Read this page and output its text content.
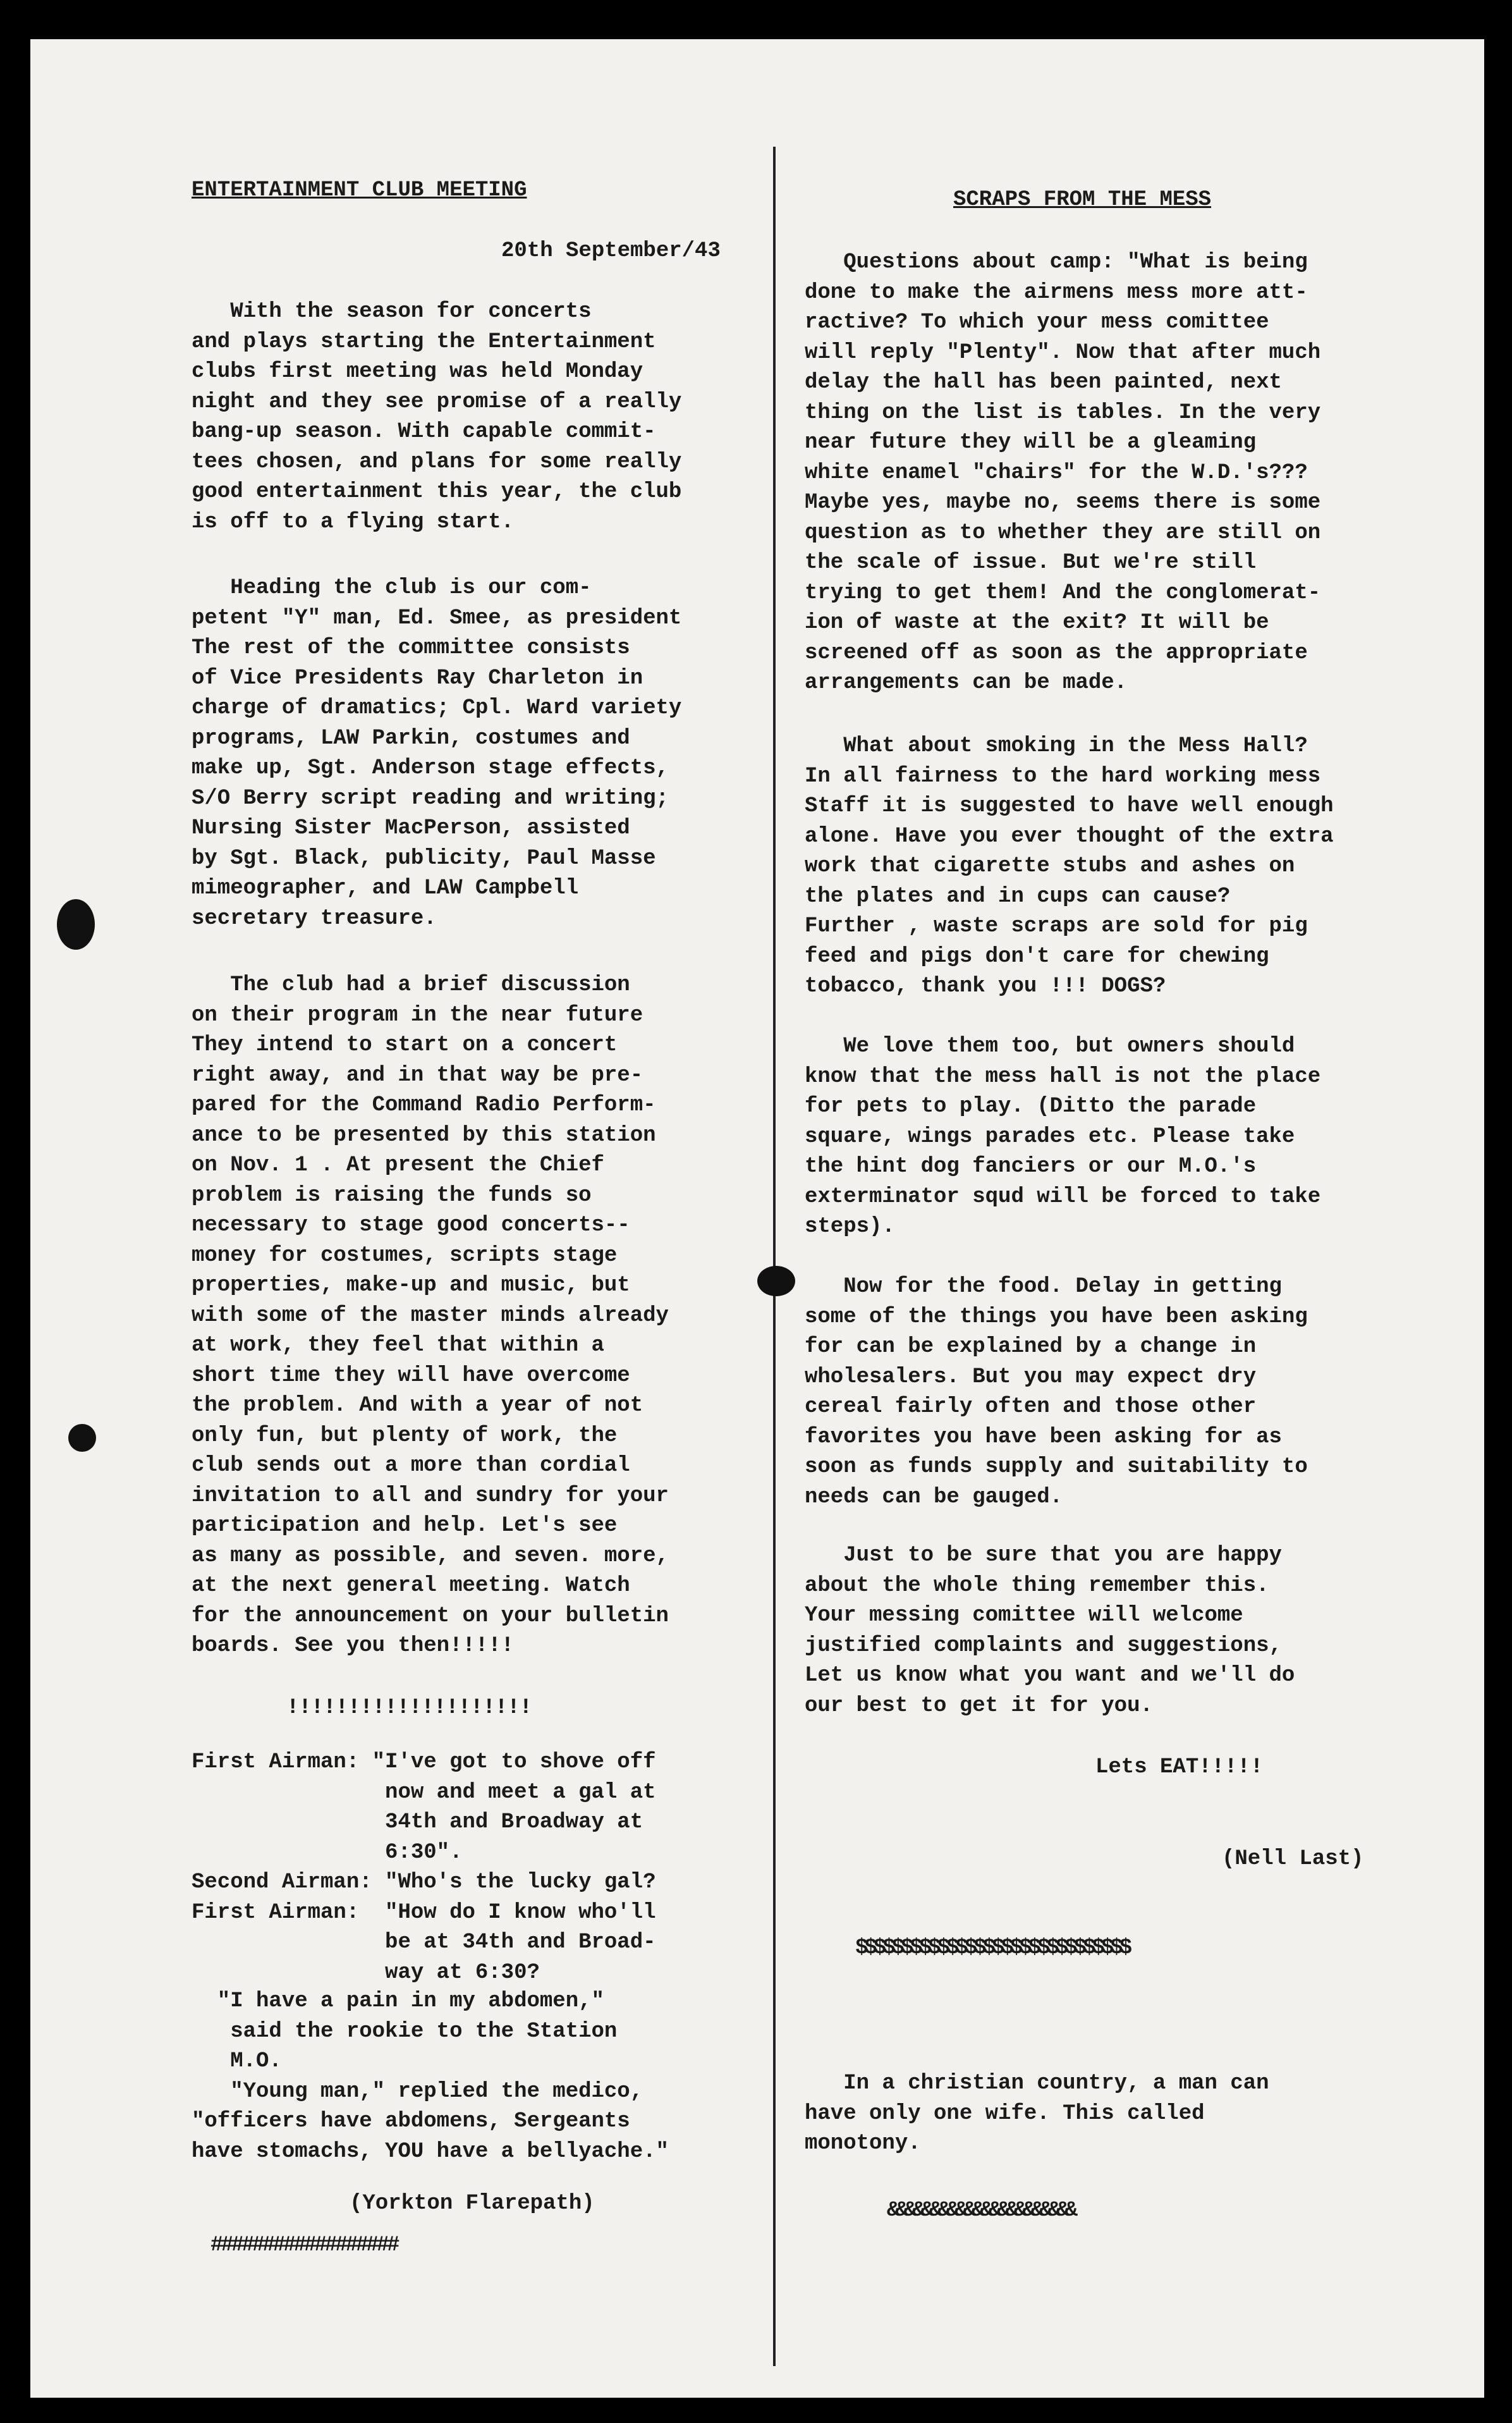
ENTERTAINMENT CLUB MEETING
20th September/43

With the season for concerts
and plays starting the Entertainment
clubs first meeting was held Monday
night and they see promise of a really
bang-up season. With capable commit-
tees chosen, and plans for some really
good entertainment this year, the club
is off to a flying start.

Heading the club is our com-
petent "Y" man, Ed. Smee, as president
The rest of the committee consists
of Vice Presidents Ray Charleton in
charge of dramatics; Cpl. Ward variety
programs, LAW Parkin, costumes and
make up, Sgt. Anderson stage effects,
S/O Berry script reading and writing;
Nursing Sister MacPerson, assisted
by Sgt. Black, publicity, Paul Masse
mimeographer, and LAW Campbell
secretary treasure.

The club had a brief discussion
on their program in the near future
They intend to start on a concert
right away, and in that way be pre-
pared for the Command Radio Perform-
ance to be presented by this station
on Nov. 1 . At present the Chief
problem is raising the funds so
necessary to stage good concerts--
money for costumes, scripts stage
properties, make-up and music, but
with some of the master minds already
at work, they feel that within a
short time they will have overcome
the problem. And with a year of not
only fun, but plenty of work, the
club sends out a more than cordial
invitation to all and sundry for your
participation and help. Let's see
as many as possible, and seven. more,
at the next general meeting. Watch
for the announcement on your bulletin
boards. See you then!!!!!

!!!!!!!!!!!!!!!!!!!!

First Airman: "I've got to shove off
now and meet a gal at
34th and Broadway at
6:30".
Second Airman: "Who's the lucky gal?
First Airman:  "How do I know who'll
be at 34th and Broad-
way at 6:30?

"I have a pain in my abdomen,"
said the rookie to the Station
M.O.
"Young man," replied the medico,
"officers have abdomens, Sergeants
have stomachs, YOU have a bellyache."

(Yorkton Flarepath)
##################
SCRAPS FROM THE MESS

Questions about camp: "What is being
done to make the airmens mess more att-
ractive? To which your mess comittee
will reply "Plenty". Now that after much
delay the hall has been painted, next
thing on the list is tables. In the very
near future they will be a gleaming
white enamel "chairs" for the W.D.'s???
Maybe yes, maybe no, seems there is some
question as to whether they are still on
the scale of issue. But we're still
trying to get them! And the conglomerat-
ion of waste at the exit? It will be
screened off as soon as the appropriate
arrangements can be made.

What about smoking in the Mess Hall?
In all fairness to the hard working mess
Staff it is suggested to have well enough
alone. Have you ever thought of the extra
work that cigarette stubs and ashes on
the plates and in cups can cause?
Further , waste scraps are sold for pig
feed and pigs don't care for chewing
tobacco, thank you !!! DOGS?

We love them too, but owners should
know that the mess hall is not the place
for pets to play. (Ditto the parade
square, wings parades etc. Please take
the hint dog fanciers or our M.O.'s
exterminator squd will be forced to take
steps).

Now for the food. Delay in getting
some of the things you have been asking
for can be explained by a change in
wholesalers. But you may expect dry
cereal fairly often and those other
favorites you have been asking for as
soon as funds supply and suitability to
needs can be gauged.

Just to be sure that you are happy
about the whole thing remember this.
Your messing comittee will welcome
justified complaints and suggestions,
Let us know what you want and we'll do
our best to get it for you.

Lets EAT!!!!!
(Nell Last)
$$$$$$$$$$$$$$$$$$$$$$$$$$$$$$

In a christian country, a man can
have only one wife. This called
monotony.

&&&&&&&&&&&&&&&&&&&&&&
